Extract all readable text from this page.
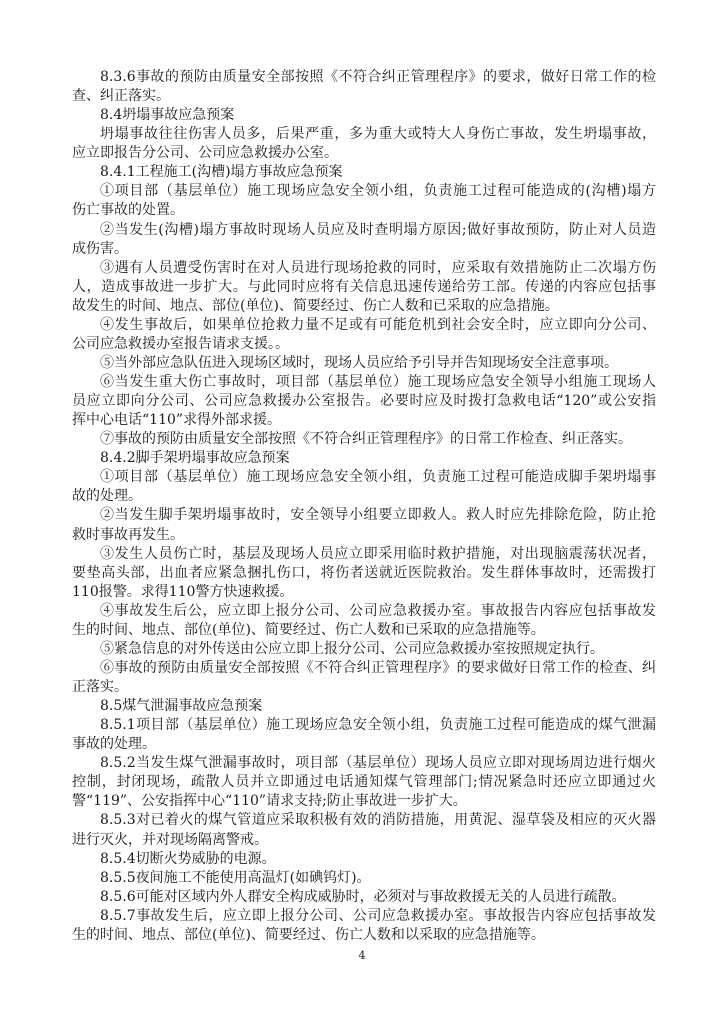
8.3.6事故的预防由质量安全部按照《不符合纠正管理程序》的要求，做好日常工作的检
查、纠正落实。
8.4坍塌事故应急预案
坍塌事故往往伤害人员多，后果严重，多为重大或特大人身伤亡事故，发生坍塌事故，
应立即报告分公司、公司应急救援办公室。
8.4.1工程施工(沟槽)塌方事故应急预案
①项目部（基层单位）施工现场应急安全领小组，负责施工过程可能造成的(沟槽)塌方
伤亡事故的处置。
②当发生(沟槽)塌方事故时现场人员应及时查明塌方原因;做好事故预防，防止对人员造
成伤害。
③遇有人员遭受伤害时在对人员进行现场抢救的同时，应采取有效措施防止二次塌方伤
人，造成事故进一步扩大。与此同时应将有关信息迅速传递给劳工部。传递的内容应包括事
故发生的时间、地点、部位(单位)、简要经过、伤亡人数和已采取的应急措施。
④发生事故后，如果单位抢救力量不足或有可能危机到社会安全时，应立即向分公司、
公司应急救援办室报告请求支援。。
⑤当外部应急队伍进入现场区域时，现场人员应给予引导并告知现场安全注意事项。
⑥当发生重大伤亡事故时，项目部（基层单位）施工现场应急安全领导小组施工现场人
员应立即向分公司、公司应急救援办公室报告。必要时应及时拨打急救电话“120”或公安指
挥中心电话“110”求得外部求援。
⑦事故的预防由质量安全部按照《不符合纠正管理程序》的日常工作检查、纠正落实。
8.4.2脚手架坍塌事故应急预案
①项目部（基层单位）施工现场应急安全领小组，负责施工过程可能造成脚手架坍塌事
故的处理。
②当发生脚手架坍塌事故时，安全领导小组要立即救人。救人时应先排除危险，防止抢
救时事故再发生。
③发生人员伤亡时，基层及现场人员应立即采用临时救护措施，对出现脑震荡状况者，
要垫高头部，出血者应紧急捆扎伤口，将伤者送就近医院救治。发生群体事故时，还需拨打
110报警。求得110警方快速救援。
④事故发生后公，应立即上报分公司、公司应急救援办室。事故报告内容应包括事故发
生的时间、地点、部位(单位)、简要经过、伤亡人数和已采取的应急措施等。
⑤紧急信息的对外传送由公应立即上报分公司、公司应急救援办室按照规定执行。
⑥事故的预防由质量安全部按照《不符合纠正管理程序》的要求做好日常工作的检查、纠
正落实。
8.5煤气泄漏事故应急预案
8.5.1项目部（基层单位）施工现场应急安全领小组，负责施工过程可能造成的煤气泄漏
事故的处理。
8.5.2当发生煤气泄漏事故时，项目部（基层单位）现场人员应立即对现场周边进行烟火
控制，封闭现场，疏散人员并立即通过电话通知煤气管理部门;情况紧急时还应立即通过火
警“119”、公安指挥中心“110”请求支持;防止事故进一步扩大。
8.5.3对已着火的煤气管道应采取积极有效的消防措施，用黄泥、湿草袋及相应的灭火器
进行灭火，并对现场隔离警戒。
8.5.4切断火势威胁的电源。
8.5.5夜间施工不能使用高温灯(如碘钨灯)。
8.5.6可能对区域内外人群安全构成威胁时，必须对与事故救援无关的人员进行疏散。
8.5.7事故发生后，应立即上报分公司、公司应急救援办室。事故报告内容应包括事故发
生的时间、地点、部位(单位)、简要经过、伤亡人数和以采取的应急措施等。
4
